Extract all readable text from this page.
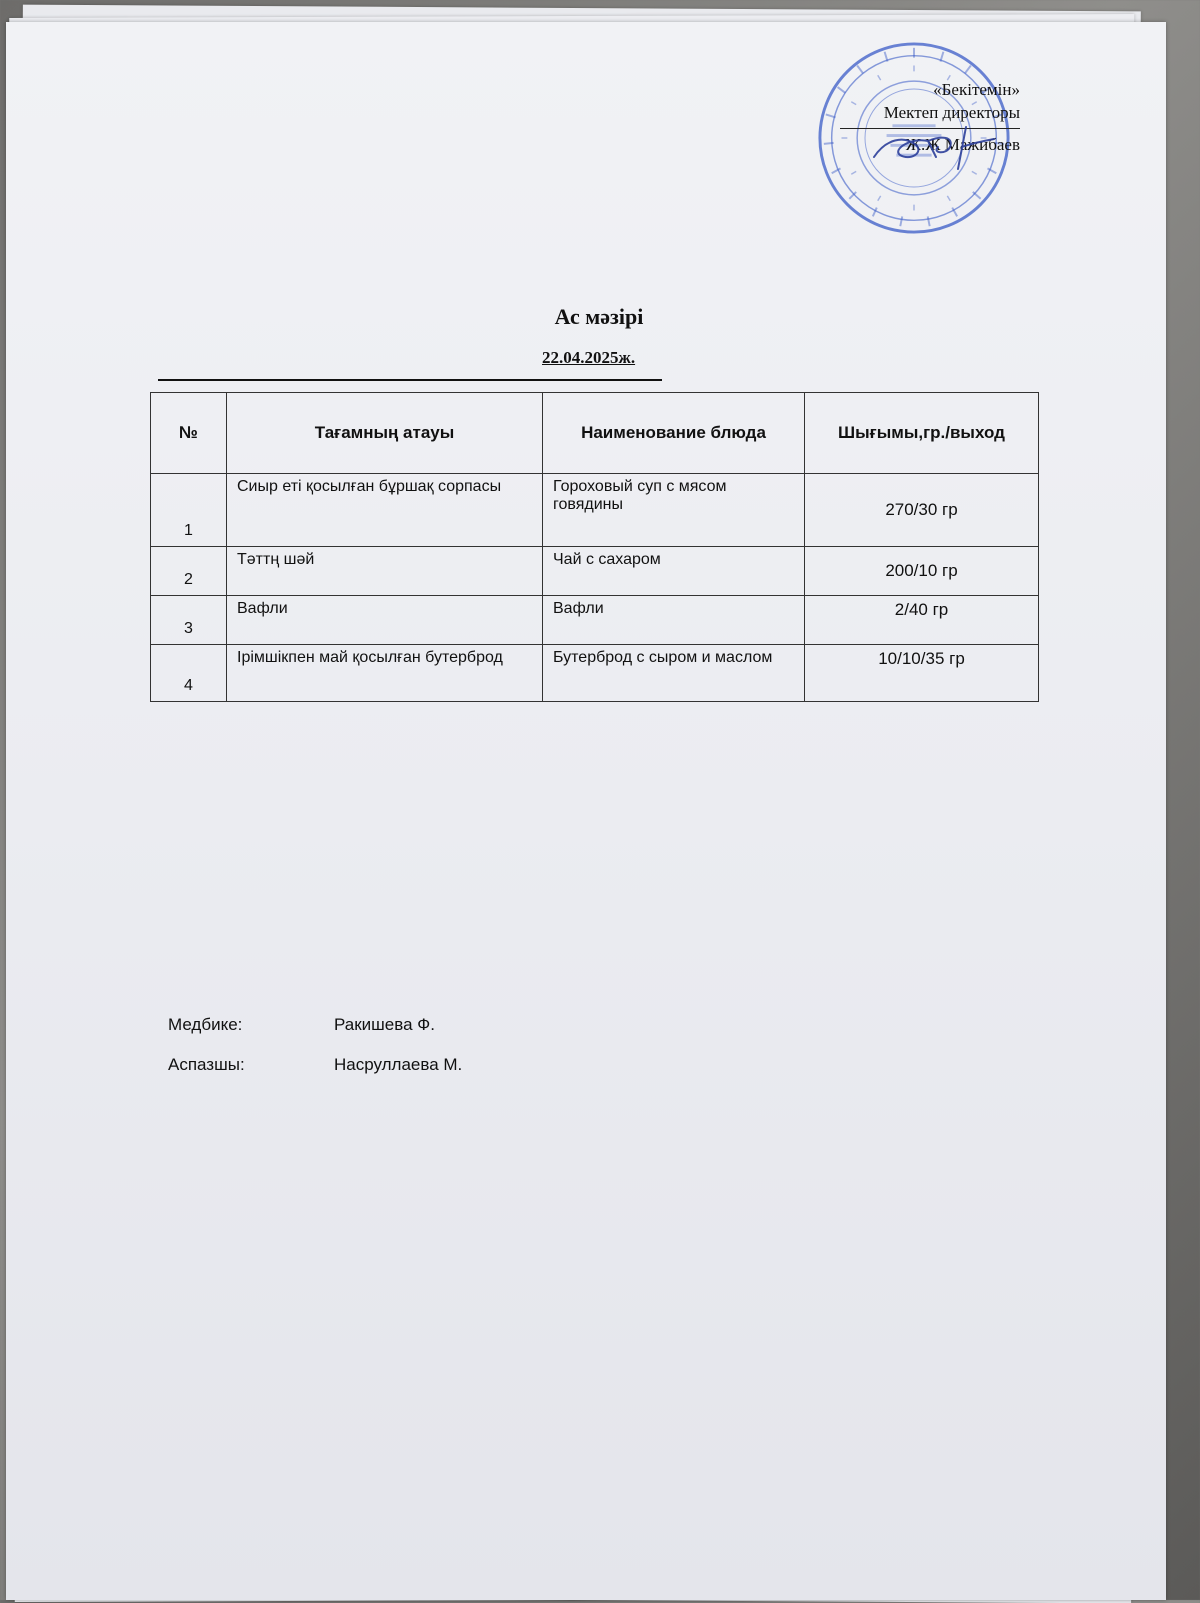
«Бекітемін»
Мектеп директоры
Ж.Ж Мажибаев
Ас мәзірі
22.04.2025ж.
№	Тағамның атауы	Наименование блюда	Шығымы,гр./выход
1	Сиыр еті қосылған бұршақ сорпасы	Гороховый суп с мясом говядины	270/30 гр
2	Тәттң шәй	Чай с сахаром	200/10 гр
3	Вафли	Вафли	2/40 гр
4	Ірімшікпен май қосылған бутерброд	Бутерброд с сыром и маслом	10/10/35 гр
Медбике:	Ракишева Ф.
Аспазшы:	Насруллаева М.
